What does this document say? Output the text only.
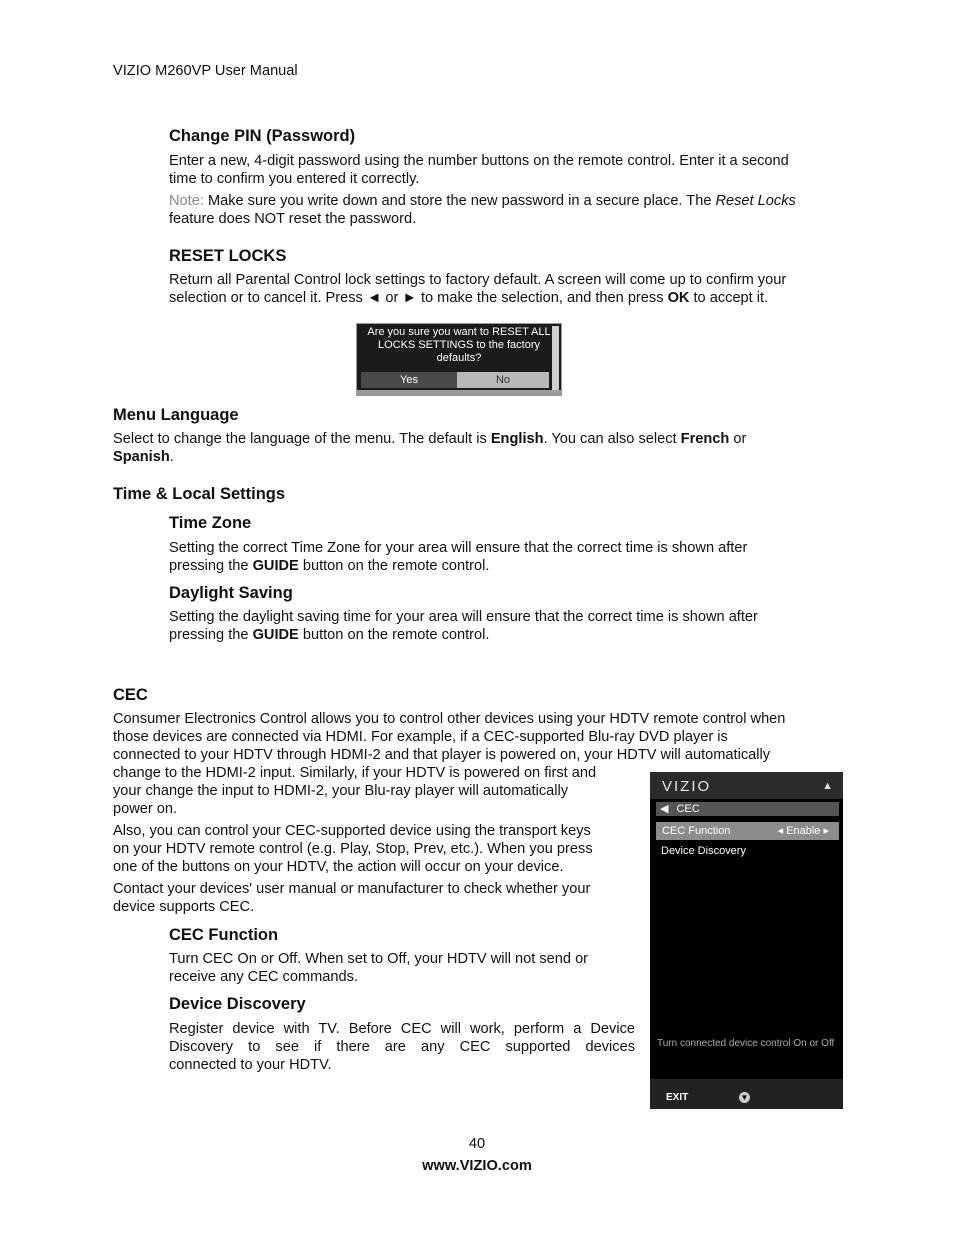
VIZIO M260VP User Manual
Change PIN (Password)

Enter a new, 4-digit password using the number buttons on the remote control. Enter it a second

time to confirm you entered it correctly.

Note: Make sure you write down and store the new password in a secure place. The Reset Locks

feature does NOT reset the password.

RESET LOCKS

Return all Parental Control lock settings to factory default. A screen will come up to confirm your

selection or to cancel it. Press ◄ or ► to make the selection, and then press OK to accept it.

Are you sure you want to RESET ALL
LOCKS SETTINGS to the factory
defaults?
Yes	No
Menu Language

Select to change the language of the menu. The default is English. You can also select French or

Spanish.

Time & Local Settings
Time Zone

Setting the correct Time Zone for your area will ensure that the correct time is shown after

pressing the GUIDE button on the remote control.

Daylight Saving

Setting the daylight saving time for your area will ensure that the correct time is shown after

pressing the GUIDE button on the remote control.

CEC

Consumer Electronics Control allows you to control other devices using your HDTV remote control when

those devices are connected via HDMI. For example, if a CEC-supported Blu-ray DVD player is

connected to your HDTV through HDMI-2 and that player is powered on, your HDTV will automatically

change to the HDMI-2 input. Similarly, if your HDTV is powered on first and

your change the input to HDMI-2, your Blu-ray player will automatically

power on.

Also, you can control your CEC-supported device using the transport keys

on your HDTV remote control (e.g. Play, Stop, Prev, etc.). When you press

one of the buttons on your HDTV, the action will occur on your device.

Contact your devices' user manual or manufacturer to check whether your

device supports CEC.

CEC Function

Turn CEC On or Off. When set to Off, your HDTV will not send or

receive any CEC commands.

Device Discovery

Register device with TV. Before CEC will work, perform a Device

Discovery to see if there are any CEC supported devices

connected to your HDTV.

VIZIO	▲
◀ CEC
CEC Function	◂ Enable ▸
Device Discovery
Turn connected device control On or Off
EXIT	▼
40
www.VIZIO.com
